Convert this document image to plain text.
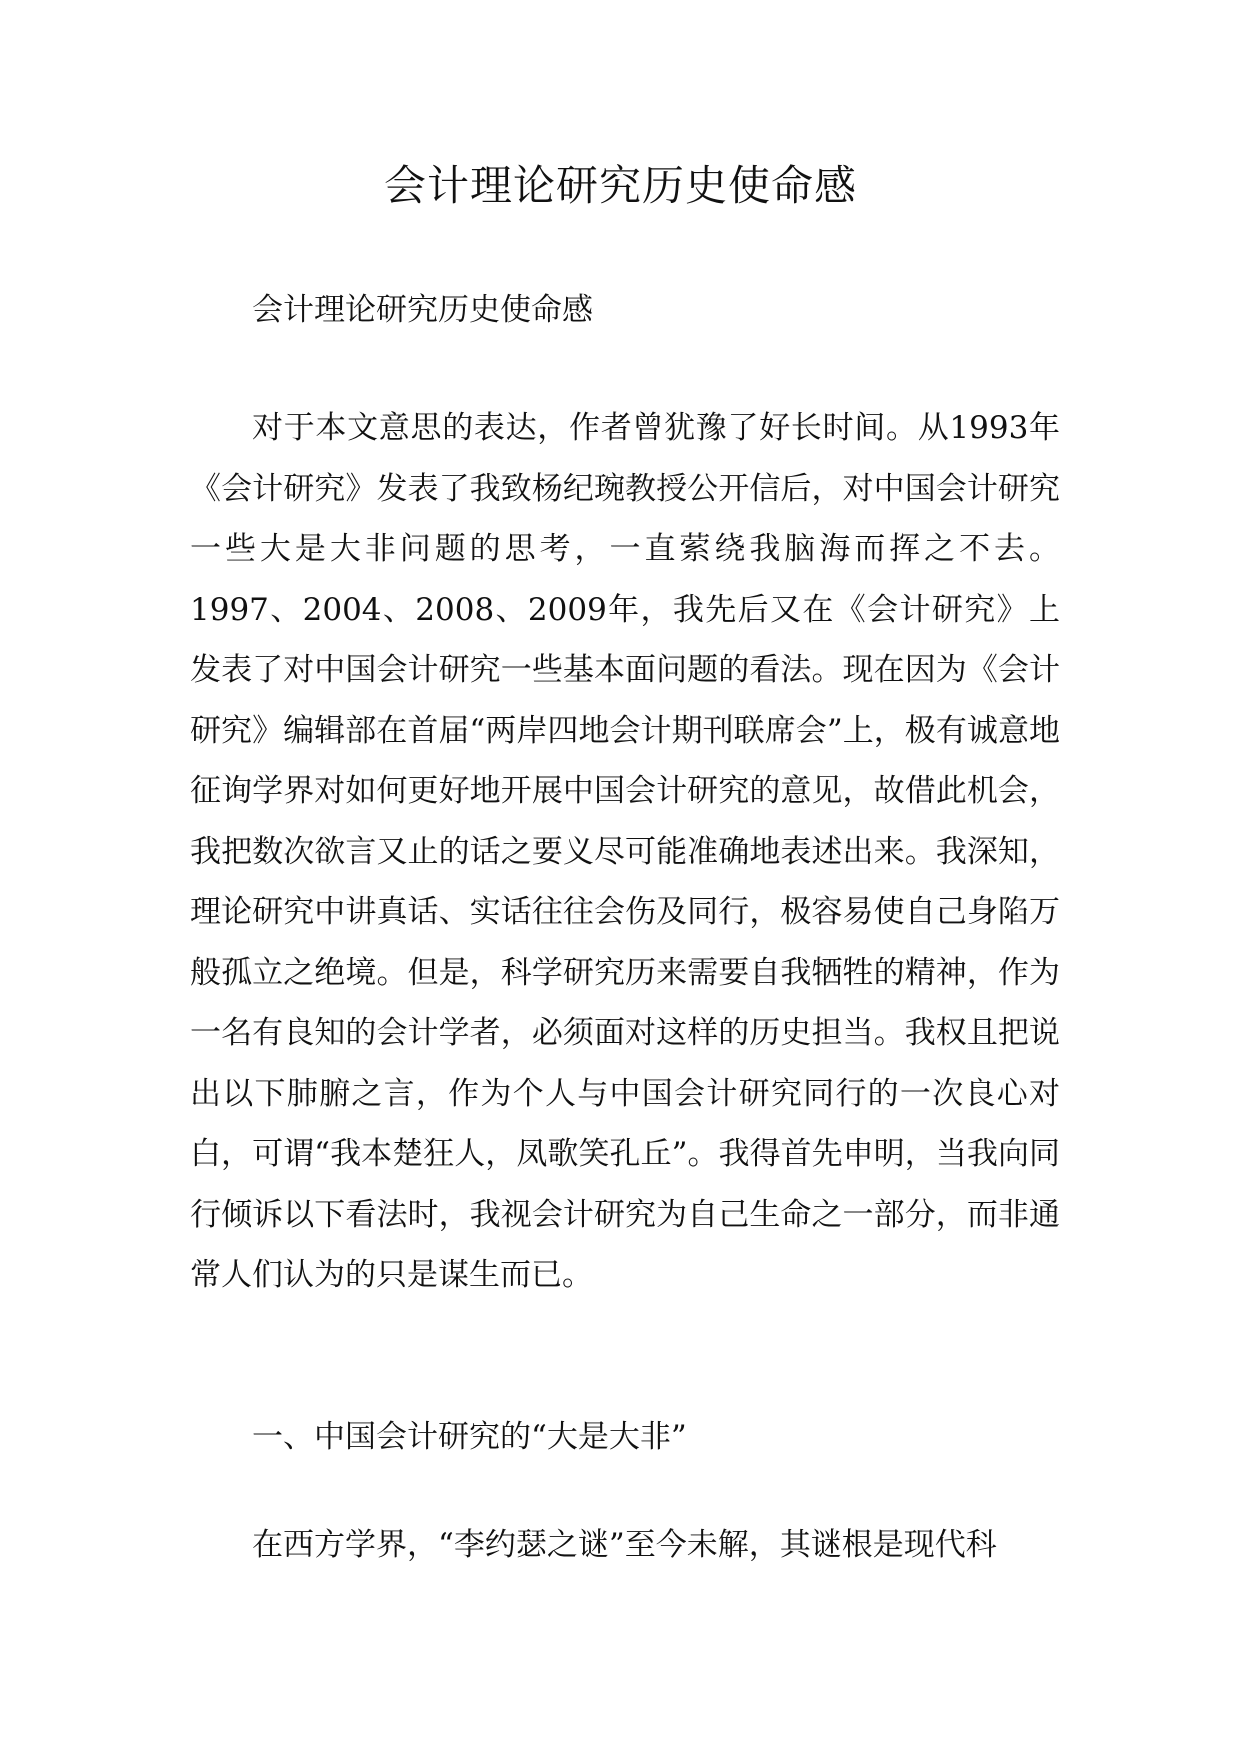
会计理论研究历史使命感

会计理论研究历史使命感

对于本文意思的表达，作者曾犹豫了好长时间。从1993年《会计研究》发表了我致杨纪琬教授公开信后，对中国会计研究一些大是大非问题的思考，一直萦绕我脑海而挥之不去。1997、2004、2008、2009年，我先后又在《会计研究》上发表了对中国会计研究一些基本面问题的看法。现在因为《会计研究》编辑部在首届“两岸四地会计期刊联席会”上，极有诚意地征询学界对如何更好地开展中国会计研究的意见，故借此机会，我把数次欲言又止的话之要义尽可能准确地表述出来。我深知，理论研究中讲真话、实话往往会伤及同行，极容易使自己身陷万般孤立之绝境。但是，科学研究历来需要自我牺牲的精神，作为一名有良知的会计学者，必须面对这样的历史担当。我权且把说出以下肺腑之言，作为个人与中国会计研究同行的一次良心对白，可谓“我本楚狂人，凤歌笑孔丘”。我得首先申明，当我向同行倾诉以下看法时，我视会计研究为自己生命之一部分，而非通常人们认为的只是谋生而已。

一、中国会计研究的“大是大非”

在西方学界，“李约瑟之谜”至今未解，其谜根是现代科
